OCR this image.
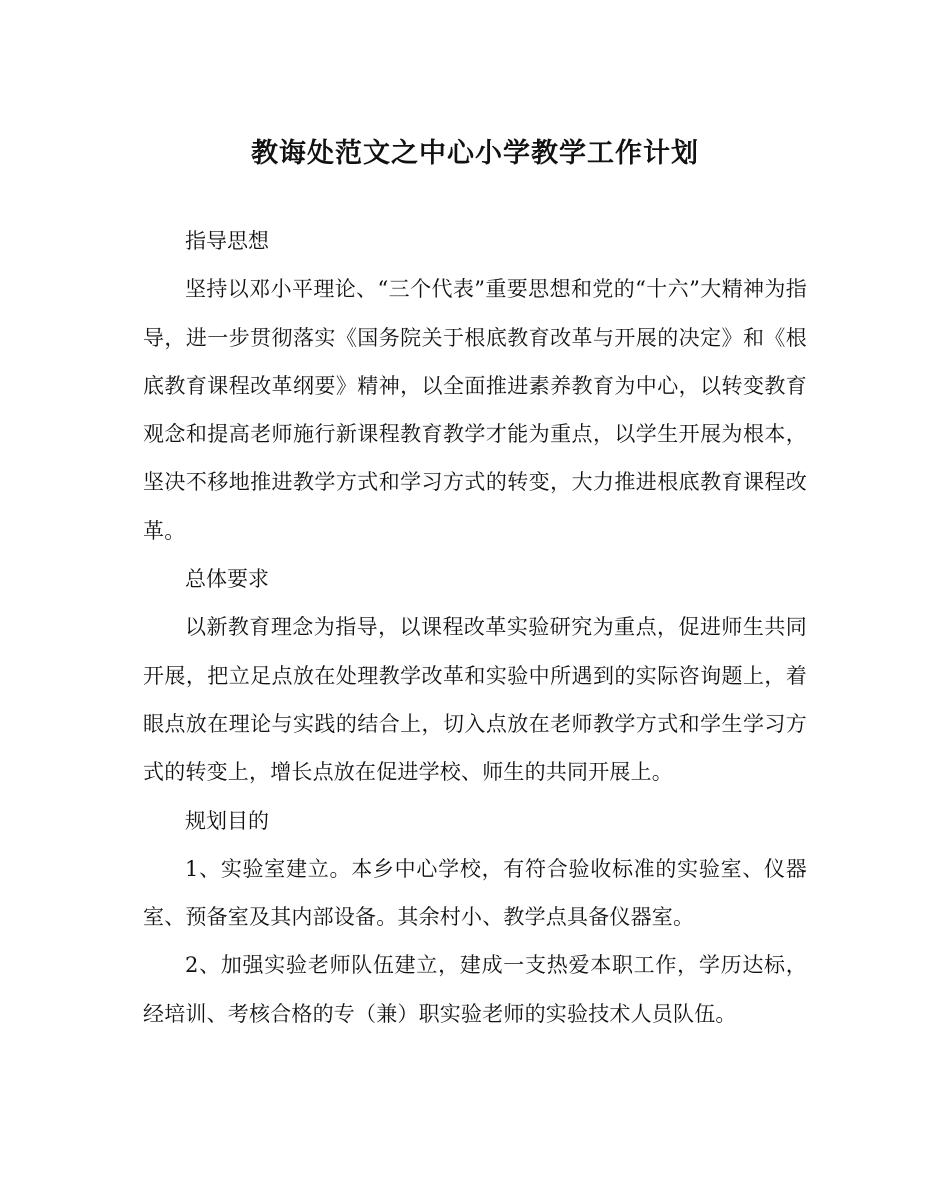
教诲处范文之中心小学教学工作计划

指导思想

坚持以邓小平理论、“三个代表”重要思想和党的“十六”大精神为指导，进一步贯彻落实《国务院关于根底教育改革与开展的决定》和《根底教育课程改革纲要》精神，以全面推进素养教育为中心，以转变教育观念和提高老师施行新课程教育教学才能为重点，以学生开展为根本，坚决不移地推进教学方式和学习方式的转变，大力推进根底教育课程改革。

总体要求

以新教育理念为指导，以课程改革实验研究为重点，促进师生共同开展，把立足点放在处理教学改革和实验中所遇到的实际咨询题上，着眼点放在理论与实践的结合上，切入点放在老师教学方式和学生学习方式的转变上，增长点放在促进学校、师生的共同开展上。

规划目的

1、实验室建立。本乡中心学校，有符合验收标准的实验室、仪器室、预备室及其内部设备。其余村小、教学点具备仪器室。

2、加强实验老师队伍建立，建成一支热爱本职工作，学历达标，经培训、考核合格的专（兼）职实验老师的实验技术人员队伍。
